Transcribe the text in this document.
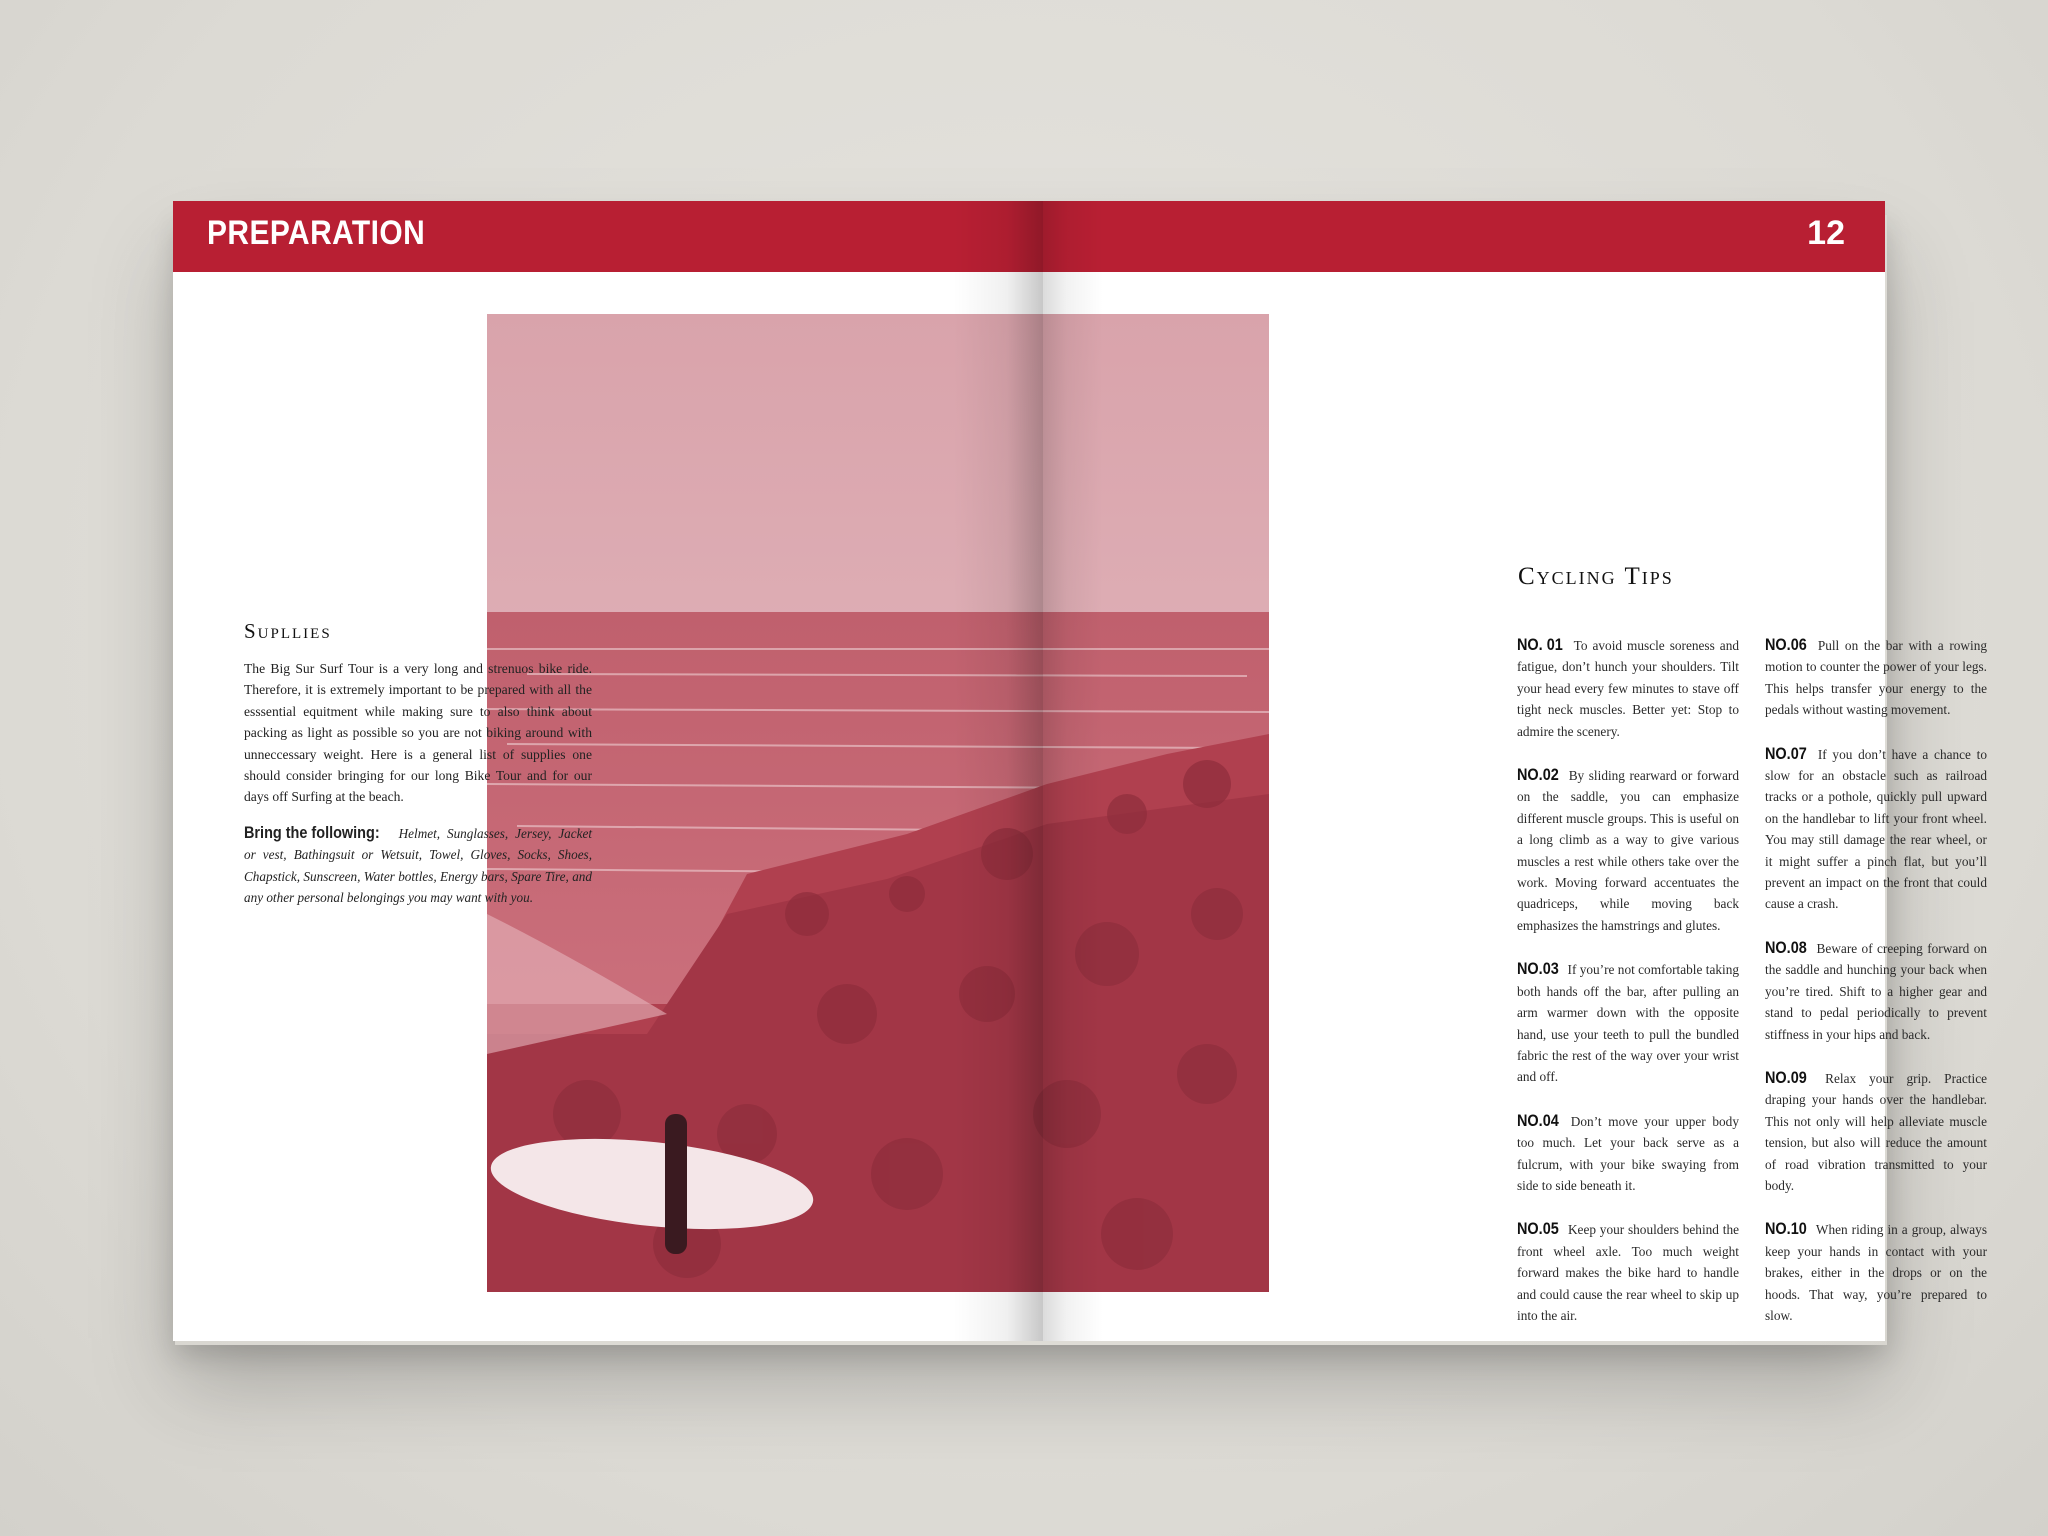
PREPARATION
Supllies

The Big Sur Surf Tour is a very long and strenuos bike ride. Therefore, it is extremely important to be prepared with all the esssential equitment while making sure to also think about packing as light as possible so you are not biking around with unneccessary weight. Here is a general list of supplies one should consider bringing for our long Bike Tour and for our days off Surfing at the beach.

Bring the following: Helmet, Sunglasses, Jersey, Jacket or vest, Bathingsuit or Wetsuit, Towel, Gloves, Socks, Shoes, Chapstick, Sunscreen, Water bottles, Energy bars, Spare Tire, and any other personal belongings you may want with you.

12
Cycling Tips

NO. 01 To avoid muscle soreness and fatigue, don’t hunch your shoulders. Tilt your head every few minutes to stave off tight neck muscles. Better yet: Stop to admire the scenery.

NO.02 By sliding rearward or forward on the saddle, you can emphasize different muscle groups. This is useful on a long climb as a way to give various muscles a rest while others take over the work. Moving forward accentuates the quadriceps, while moving back emphasizes the hamstrings and glutes.

NO.03 If you’re not comfortable taking both hands off the bar, after pulling an arm warmer down with the opposite hand, use your teeth to pull the bundled fabric the rest of the way over your wrist and off.

NO.04 Don’t move your upper body too much. Let your back serve as a fulcrum, with your bike swaying from side to side beneath it.

NO.05 Keep your shoulders behind the front wheel axle. Too much weight forward makes the bike hard to handle and could cause the rear wheel to skip up into the air.

NO.06 Pull on the bar with a rowing motion to counter the power of your legs. This helps transfer your energy to the pedals without wasting movement.

NO.07 If you don’t have a chance to slow for an obstacle such as railroad tracks or a pothole, quickly pull upward on the handlebar to lift your front wheel. You may still damage the rear wheel, or it might suffer a pinch flat, but you’ll prevent an impact on the front that could cause a crash.

NO.08 Beware of creeping forward on the saddle and hunching your back when you’re tired. Shift to a higher gear and stand to pedal periodically to prevent stiffness in your hips and back.

NO.09 Relax your grip. Practice draping your hands over the handlebar. This not only will help alleviate muscle tension, but also will reduce the amount of road vibration transmitted to your body.

NO.10 When riding in a group, always keep your hands in contact with your brakes, either in the drops or on the hoods. That way, you’re prepared to slow.
